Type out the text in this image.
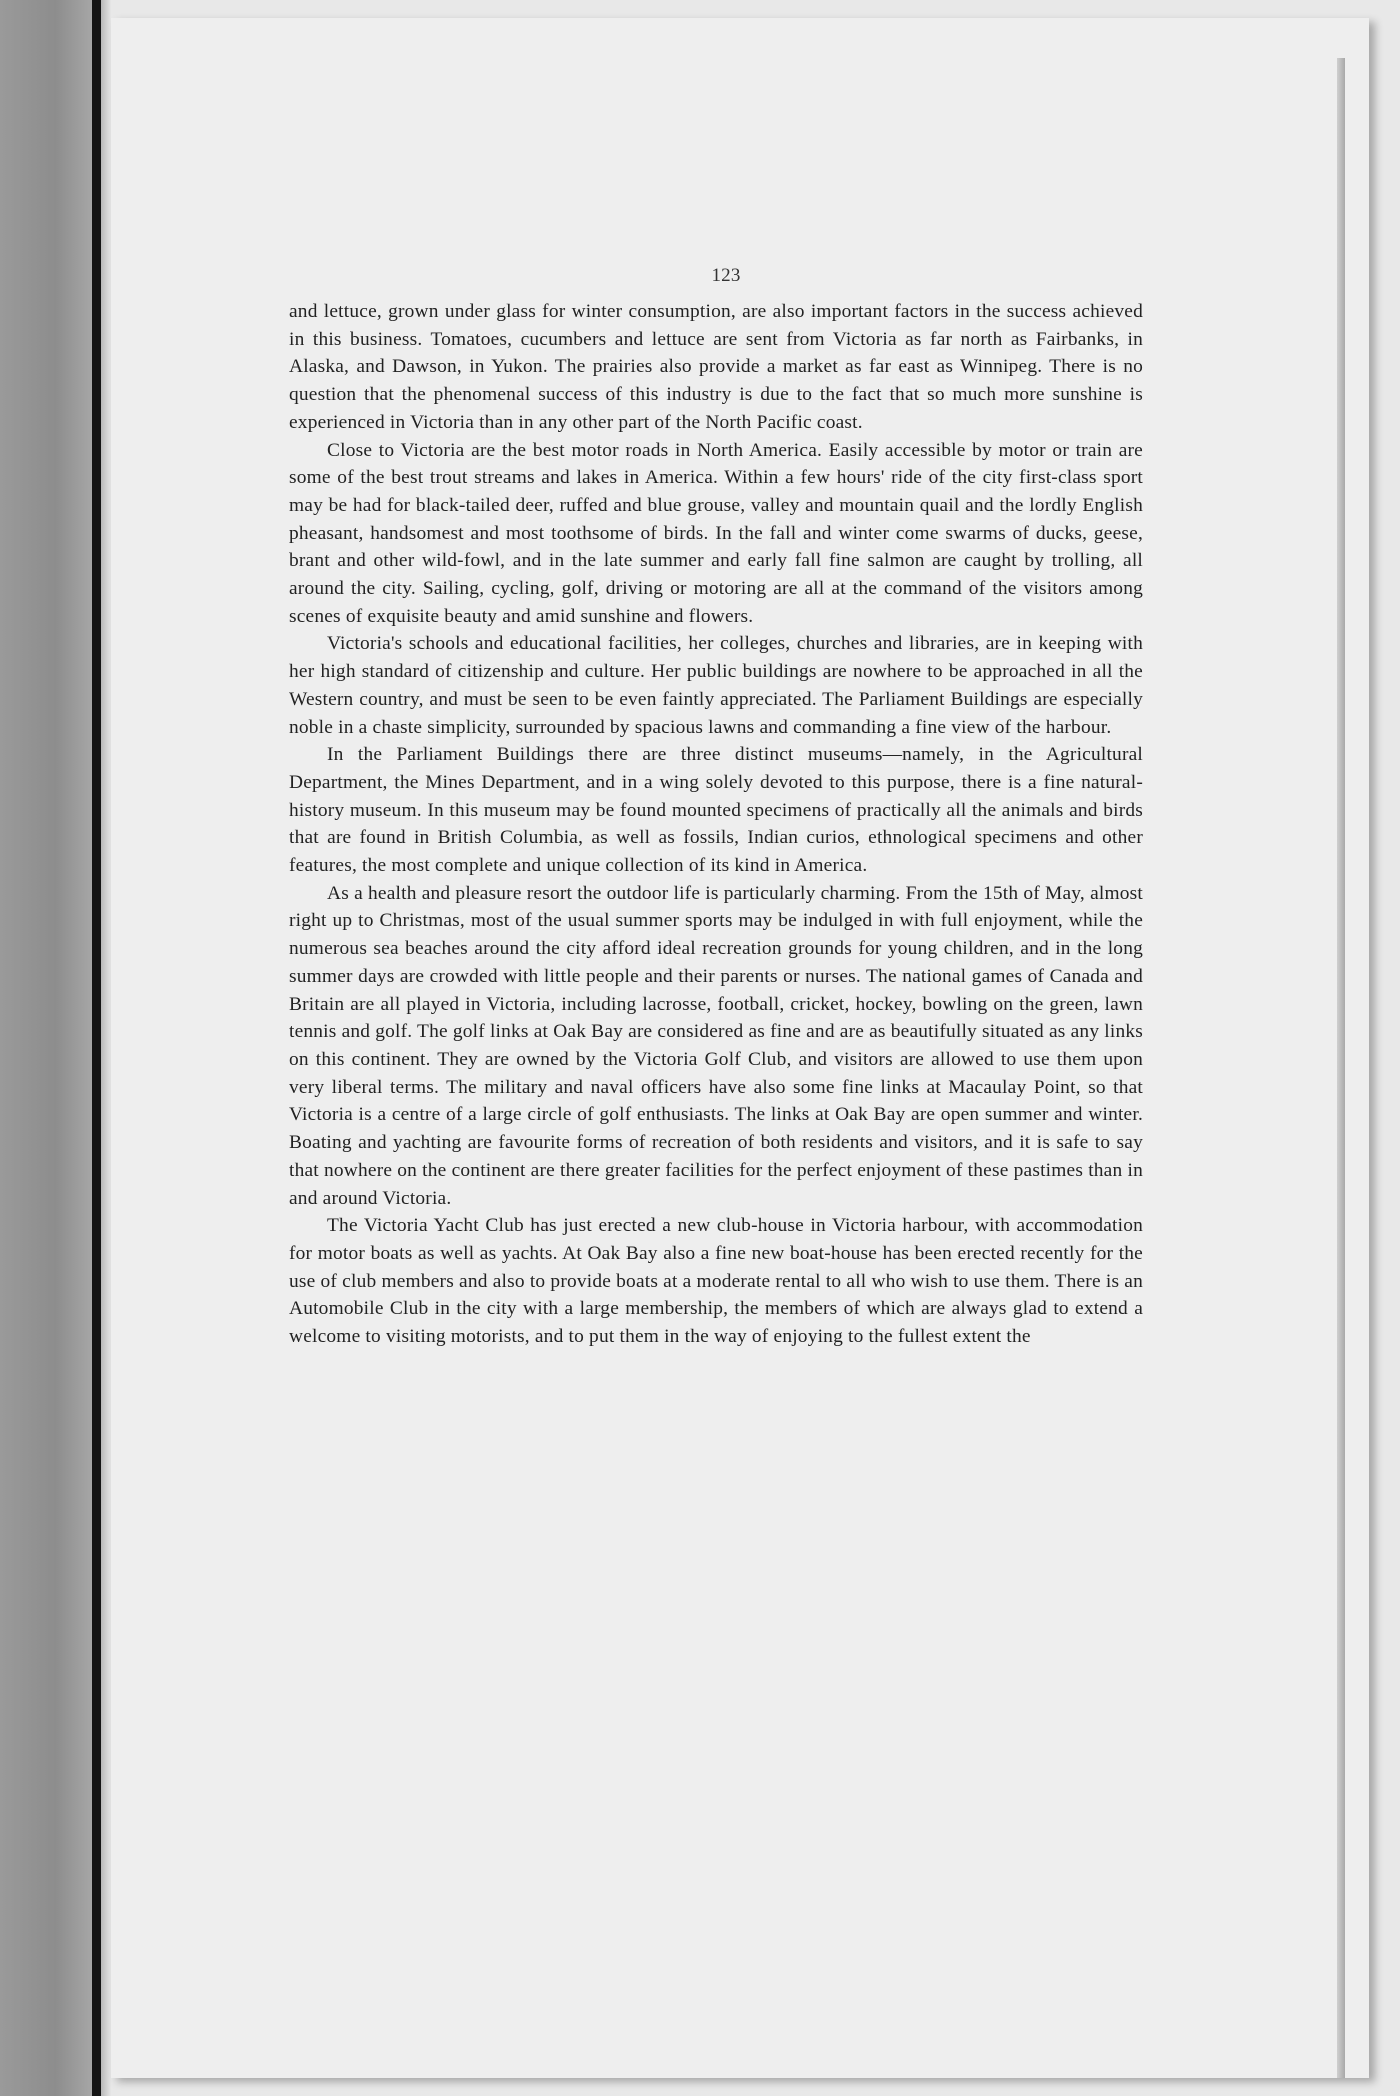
123

and lettuce, grown under glass for winter consumption, are also important factors in the success achieved in this business. Tomatoes, cucumbers and lettuce are sent from Victoria as far north as Fairbanks, in Alaska, and Dawson, in Yukon. The prairies also provide a market as far east as Winnipeg. There is no question that the phenomenal success of this industry is due to the fact that so much more sunshine is experienced in Victoria than in any other part of the North Pacific coast.

Close to Victoria are the best motor roads in North America. Easily accessible by motor or train are some of the best trout streams and lakes in America. Within a few hours' ride of the city first-class sport may be had for black-tailed deer, ruffed and blue grouse, valley and mountain quail and the lordly English pheasant, handsomest and most toothsome of birds. In the fall and winter come swarms of ducks, geese, brant and other wild-fowl, and in the late summer and early fall fine salmon are caught by trolling, all around the city. Sailing, cycling, golf, driving or motoring are all at the command of the visitors among scenes of exquisite beauty and amid sunshine and flowers.

Victoria's schools and educational facilities, her colleges, churches and libraries, are in keeping with her high standard of citizenship and culture. Her public buildings are nowhere to be approached in all the Western country, and must be seen to be even faintly appreciated. The Parliament Buildings are especially noble in a chaste simplicity, surrounded by spacious lawns and commanding a fine view of the harbour.

In the Parliament Buildings there are three distinct museums—namely, in the Agricultural Department, the Mines Department, and in a wing solely devoted to this purpose, there is a fine natural-history museum. In this museum may be found mounted specimens of practically all the animals and birds that are found in British Columbia, as well as fossils, Indian curios, ethnological specimens and other features, the most complete and unique collection of its kind in America.

As a health and pleasure resort the outdoor life is particularly charming. From the 15th of May, almost right up to Christmas, most of the usual summer sports may be indulged in with full enjoyment, while the numerous sea beaches around the city afford ideal recreation grounds for young children, and in the long summer days are crowded with little people and their parents or nurses. The national games of Canada and Britain are all played in Victoria, including lacrosse, football, cricket, hockey, bowling on the green, lawn tennis and golf. The golf links at Oak Bay are considered as fine and are as beautifully situated as any links on this continent. They are owned by the Victoria Golf Club, and visitors are allowed to use them upon very liberal terms. The military and naval officers have also some fine links at Macaulay Point, so that Victoria is a centre of a large circle of golf enthusiasts. The links at Oak Bay are open summer and winter. Boating and yachting are favourite forms of recreation of both residents and visitors, and it is safe to say that nowhere on the continent are there greater facilities for the perfect enjoyment of these pastimes than in and around Victoria.

The Victoria Yacht Club has just erected a new club-house in Victoria harbour, with accommodation for motor boats as well as yachts. At Oak Bay also a fine new boat-house has been erected recently for the use of club members and also to provide boats at a moderate rental to all who wish to use them. There is an Automobile Club in the city with a large membership, the members of which are always glad to extend a welcome to visiting motorists, and to put them in the way of enjoying to the fullest extent the
